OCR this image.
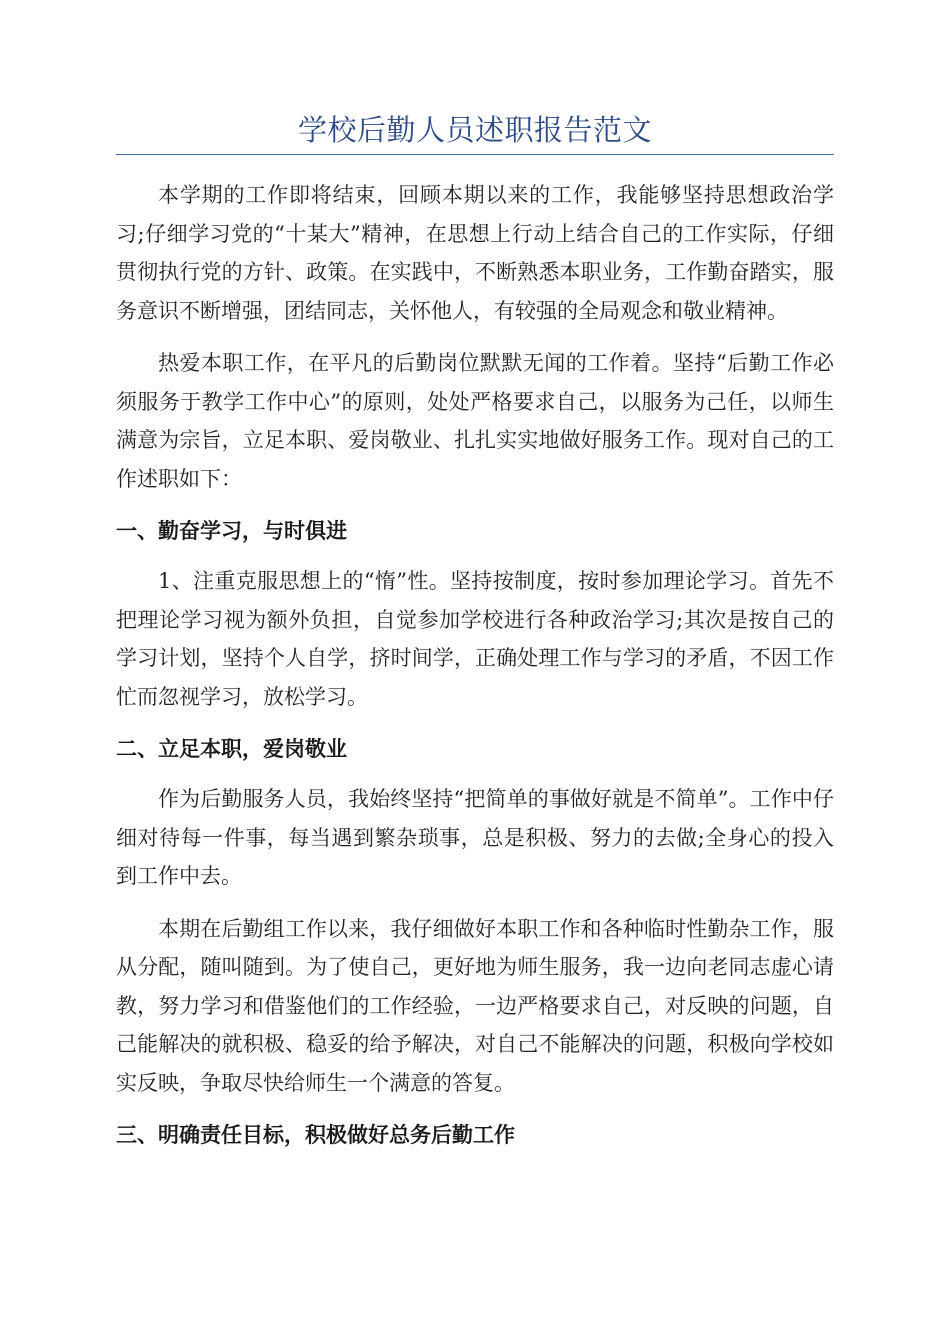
学校后勤人员述职报告范文

本学期的工作即将结束，回顾本期以来的工作，我能够坚持思想政治学习;仔细学习党的“十某大”精神，在思想上行动上结合自己的工作实际，仔细贯彻执行党的方针、政策。在实践中，不断熟悉本职业务，工作勤奋踏实，服务意识不断增强，团结同志，关怀他人，有较强的全局观念和敬业精神。

热爱本职工作，在平凡的后勤岗位默默无闻的工作着。坚持“后勤工作必须服务于教学工作中心”的原则，处处严格要求自己，以服务为己任，以师生满意为宗旨，立足本职、爱岗敬业、扎扎实实地做好服务工作。现对自己的工作述职如下：

一、勤奋学习，与时俱进

1、注重克服思想上的“惰”性。坚持按制度，按时参加理论学习。首先不把理论学习视为额外负担，自觉参加学校进行各种政治学习;其次是按自己的学习计划，坚持个人自学，挤时间学，正确处理工作与学习的矛盾，不因工作忙而忽视学习，放松学习。

二、立足本职，爱岗敬业

作为后勤服务人员，我始终坚持“把简单的事做好就是不简单”。工作中仔细对待每一件事，每当遇到繁杂琐事，总是积极、努力的去做;全身心的投入到工作中去。

本期在后勤组工作以来，我仔细做好本职工作和各种临时性勤杂工作，服从分配，随叫随到。为了使自己，更好地为师生服务，我一边向老同志虚心请教，努力学习和借鉴他们的工作经验，一边严格要求自己，对反映的问题，自己能解决的就积极、稳妥的给予解决，对自己不能解决的问题，积极向学校如实反映，争取尽快给师生一个满意的答复。

三、明确责任目标，积极做好总务后勤工作
